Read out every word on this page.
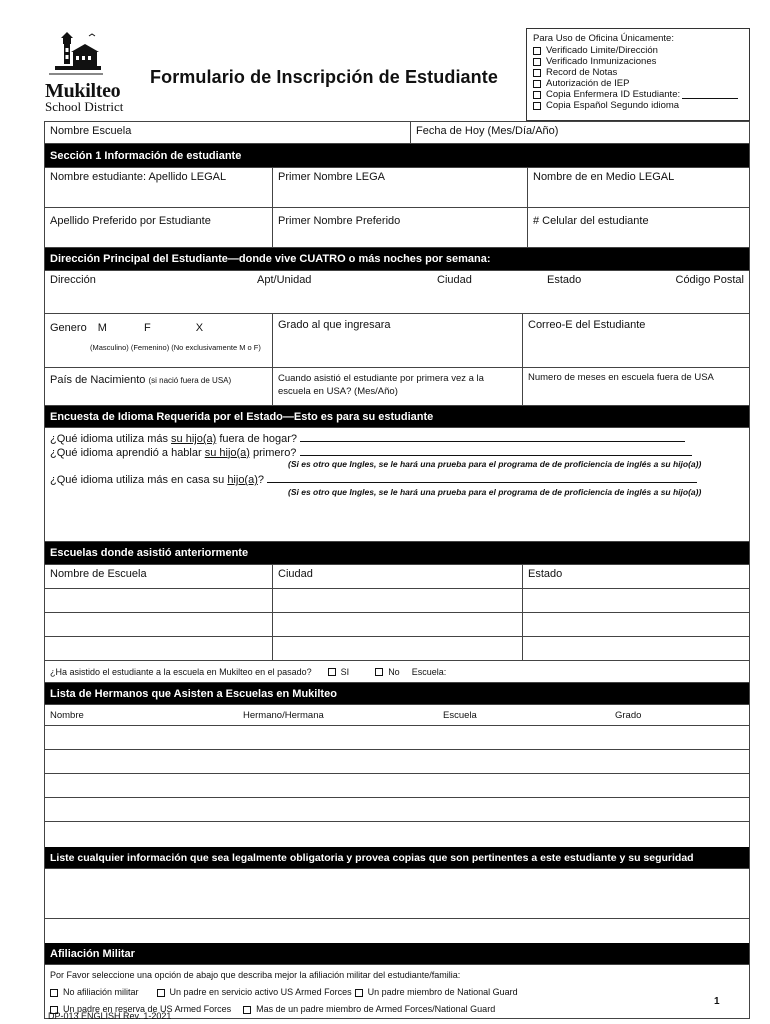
Mukilteo
School District
Formulario de Inscripción de Estudiante
Para Uso de Oficina Únicamente:
Verificado Limite/Dirección
Verificado Inmunizaciones
Record de Notas
Autorización de IEP
Copia Enfermera ID Estudiante:
Copia Español Segundo idioma
Nombre Escuela	Fecha de Hoy (Mes/Día/Año)
Sección 1 Información de estudiante
Nombre estudiante: Apellido LEGAL	Primer Nombre LEGA	Nombre de en Medio LEGAL
Apellido Preferido por Estudiante	Primer Nombre Preferido	# Celular del estudiante
Dirección Principal del Estudiante—donde vive CUATRO o más noches por semana:
Dirección	Apt/Unidad	Ciudad	Estado	Código Postal
Genero M	F	X
(Masculino) (Femenino) (No exclusivamente M o F)
Grado al que ingresara	Correo-E del Estudiante
País de Nacimiento (si nació fuera de USA)	Cuando asistió el estudiante por primera vez a la escuela en USA? (Mes/Año)
Numero de meses en escuela fuera de USA
Encuesta de Idioma Requerida por el Estado—Esto es para su estudiante
¿Qué idioma utiliza más su hijo(a) fuera de hogar?
¿Qué idioma aprendió a hablar su hijo(a) primero?
(Si es otro que Ingles, se le hará una prueba para el programa de de proficiencia de inglés a su hijo(a))
¿Qué idioma utiliza más en casa su hijo(a)?
(Si es otro que Ingles, se le hará una prueba para el programa de de proficiencia de inglés a su hijo(a))
Escuelas donde asistió anteriormente
Nombre de Escuela	Ciudad	Estado
¿Ha asistido el estudiante a la escuela en Mukilteo en el pasado?	SI	No Escuela:
Lista de Hermanos que Asisten a Escuelas en Mukilteo
Nombre	Hermano/Hermana	Escuela	Grado
Liste cualquier información que sea legalmente obligatoria y provea copias que son pertinentes a este estudiante y su seguridad
Afiliación Militar
Por Favor seleccione una opción de abajo que describa mejor la afiliación militar del estudiante/familia:
No afiliación militar	Un padre en servicio activo US Armed Forces Un padre miembro de National Guard
Un padre en reserva de US Armed Forces	Mas de un padre miembro de Armed Forces/National Guard
1
DP-013 ENGLISH Rev. 1-2021
